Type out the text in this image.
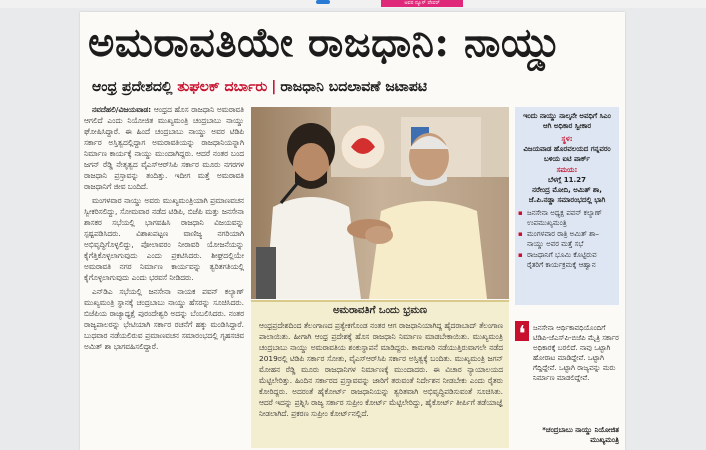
ಅವರ ನ್ಯೂಸ್ ‌ಪೇಪರ್
ಅಮರಾವತಿಯೇ ರಾಜಧಾನಿ: ನಾಯ್ಡು
ಆಂಧ್ರ ಪ್ರದೇಶದಲ್ಲಿ ತುಘಲಕ್ ದರ್ಬಾರು | ರಾಜಧಾನಿ ಬದಲಾವಣೆ ಜಟಾಪಟಿ

ನವದೆಹಲಿ/ವಿಜಯವಾಡ: ಆಂಧ್ರದ ಹೊಸ ರಾಜಧಾನಿ ಅಮರಾವತಿ ಆಗಲಿದೆ ಎಂದು ನಿಯೋಜಿತ ಮುಖ್ಯಮಂತ್ರಿ ಚಂದ್ರಬಾಬು ನಾಯ್ಡು ಘೋಷಿಸಿದ್ದಾರೆ. ಈ ಹಿಂದೆ ಚಂದ್ರಬಾಬು ನಾಯ್ಡು ಅವರ ಟಿಡಿಪಿ ಸರ್ಕಾರ ಅಸ್ತಿತ್ವದಲ್ಲಿದ್ದಾಗ ಅಮರಾವತಿಯನ್ನು ರಾಜಧಾನಿಯನ್ನಾಗಿ ನಿರ್ಮಾಣ ಕಾರ್ಯಕ್ಕೆ ನಾಯ್ಡು ಮುಂದಾಗಿದ್ದರು. ಆದರೆ ನಂತರ ಬಂದ ಜಗನ್ ರೆಡ್ಡಿ ನೇತೃತ್ವದ ವೈಎಸ್‌ಆರ್‌ಸಿಪಿ ಸರ್ಕಾರ ಮೂರು ನಗರಗಳ ರಾಜಧಾನಿ ಪ್ರಸ್ತಾವನ್ನು ತಂದಿತ್ತು. ಇದೀಗ ಮತ್ತೆ ಅಮರಾವತಿ ರಾಜಧಾನಿಗೆ ಜೀವ ಬಂದಿದೆ.

ಮಂಗಳವಾರ ನಾಯ್ಡು ಅವರು ಮುಖ್ಯಮಂತ್ರಿಯಾಗಿ ಪ್ರಮಾಣವಚನ ಸ್ವೀಕರಿಸಲಿದ್ದು, ಸೋಮವಾರ ನಡೆದ ಟಿಡಿಪಿ, ಬಿಜೆಪಿ ಮತ್ತು ಜನಸೇನಾ ಶಾಸಕರ ಸಭೆಯಲ್ಲಿ ಭಾಗವಹಿಸಿ ರಾಜಧಾನಿ ವಿಜಯವನ್ನು ಸ್ಪಷ್ಟಪಡಿಸಿದರು. ವಿಶಾಖಪಟ್ಟಣ ವಾಣಿಜ್ಯ ನಗರಿಯಾಗಿ ಅಭಿವೃದ್ಧಿಗೊಳ್ಳಲಿದ್ದು, ಪೋಲಾವರಂ ನೀರಾವರಿ ಯೋಜನೆಯನ್ನು ಕೈಗೆತ್ತಿಕೊಳ್ಳಲಾಗುವುದು ಎಂದು ಪ್ರಕಟಿಸಿದರು. ಶೀಘ್ರದಲ್ಲಿಯೇ ಅಮರಾವತಿ ನಗರ ನಿರ್ಮಾಣ ಕಾರ್ಯವನ್ನು ತ್ವರಿತಗತಿಯಲ್ಲಿ ಕೈಗೊಳ್ಳಲಾಗುವುದು ಎಂದು ಭರವಸೆ ನೀಡಿದರು.

ಎನ್‌ಡಿಎ ಸಭೆಯಲ್ಲಿ ಜನಸೇನಾ ನಾಯಕ ಪವನ್ ಕಲ್ಯಾಣ್ ಮುಖ್ಯಮಂತ್ರಿ ಸ್ಥಾನಕ್ಕೆ ಚಂದ್ರಬಾಬು ನಾಯ್ಡು ಹೆಸರನ್ನು ಸೂಚಿಸಿದರು. ಬಿಜೆಪಿಯ ರಾಜ್ಯಾಧ್ಯಕ್ಷೆ ಪುರಂದೇಶ್ವರಿ ಅದನ್ನು ಬೆಂಬಲಿಸಿದರು. ನಂತರ ರಾಜ್ಯಪಾಲರನ್ನು ಭೇಟಿಯಾಗಿ ಸರ್ಕಾರ ರಚನೆಗೆ ಹಕ್ಕು ಮಂಡಿಸಿದ್ದಾರೆ. ಬುಧವಾರ ನಡೆಯಲಿರುವ ಪ್ರಮಾಣವಚನ ಸಮಾರಂಭದಲ್ಲಿ ಗೃಹಸಚಿವ ಅಮಿತ್ ಶಾ ಭಾಗವಹಿಸಲಿದ್ದಾರೆ.

ಅಮರಾವತಿಗೆ ಒಂದು ಭ್ರಮಣ
ಆಂಧ್ರಪ್ರದೇಶದಿಂದ ತೆಲಂಗಾಣದ ಪ್ರತ್ಯೇಕಗೊಂಡ ನಂತರ ಆಗ ರಾಜಧಾನಿಯಾಗಿದ್ದ ಹೈದರಾಬಾದ್ ತೆಲಂಗಾಣ ಪಾಲಾಯಿತು. ಹೀಗಾಗಿ ಆಂಧ್ರ ಪ್ರದೇಶಕ್ಕೆ ಹೊಸ ರಾಜಧಾನಿ ನಿರ್ಮಾಣ ಮಾಡಬೇಕಾಯಿತು. ಮುಖ್ಯಮಂತ್ರಿ ಚಂದ್ರಬಾಬು ನಾಯ್ಡು ಅಮರಾವತಿಯ ಶಂಕುಸ್ಥಾಪನೆ ಮಾಡಿದ್ದರು. ಕಾಮಗಾರಿ ನಡೆಯುತ್ತಿರುವಾಗಲೇ ನಡೆದ 2019ರಲ್ಲಿ ಟಿಡಿಪಿ ಸರ್ಕಾರ ಸೋತು, ವೈಎಸ್‌ಆರ್‌ಸಿಪಿ ಸರ್ಕಾರ ಅಸ್ತಿತ್ವಕ್ಕೆ ಬಂದಿತು. ಮುಖ್ಯಮಂತ್ರಿ ಜಗನ್ ಮೋಹನ ರೆಡ್ಡಿ ಮೂರು ರಾಜಧಾನಿಗಳ ನಿರ್ಮಾಣಕ್ಕೆ ಮುಂದಾದರು. ಈ ವಿಚಾರ ನ್ಯಾಯಾಲಯದ ಮೆಟ್ಟಿಲೇರಿತ್ತು. ಹಿಂದಿನ ಸರ್ಕಾರದ ಪ್ರಸ್ತಾವವನ್ನು ಜಾರಿಗೆ ತರುವಂತೆ ನಿರ್ದೇಶನ ನೀಡಬೇಕು ಎಂದು ರೈತರು ಕೋರಿದ್ದರು. ಅದರಂತೆ ಹೈಕೋರ್ಟ್ ರಾಜಧಾನಿಯನ್ನು ತ್ವರಿತವಾಗಿ ಅಭಿವೃದ್ಧಿಪಡಿಸುವಂತೆ ಸೂಚಿಸಿತು. ಆದರೆ ಇದನ್ನು ಪ್ರಶ್ನಿಸಿ ರಾಜ್ಯ ಸರ್ಕಾರ ಸುಪ್ರೀಂ ಕೋರ್ಟ್ ಮೆಟ್ಟಿಲೇರಿದ್ದು, ಹೈಕೋರ್ಟ್ ತೀರ್ಪಿಗೆ ತಡೆಯಾಜ್ಞೆ ನೀಡಲಾಗಿದೆ. ಪ್ರಕರಣ ಸುಪ್ರೀಂ ಕೋರ್ಟ್‌ನಲ್ಲಿದೆ.
ಇಂದು ನಾಯ್ಡು ನಾಲ್ಕನೇ ಅವಧಿಗೆ ಸಿಎಂ ಆಗಿ ಅಧಿಕಾರ ಸ್ವೀಕಾರ
ಸ್ಥಳ:
ವಿಜಯವಾಡ ಹೊರವಲಯದ ಗನ್ನವರಂ ಬಳಿಯ ಐಟಿ ಪಾರ್ಕ್
ಸಮಯ:
ಬೆಳಗ್ಗೆ 11.27
ನರೇಂದ್ರ ಮೋದಿ, ಅಮಿತ್ ಶಾ, ಜೆ.ಪಿ.ನಡ್ಡಾ ಸಮಾರಂಭದಲ್ಲಿ ಭಾಗಿ
▪ ಜನಸೇನಾ ಅಧ್ಯಕ್ಷ ಪವನ್ ಕಲ್ಯಾಣ್ ಉಪಮುಖ್ಯಮಂತ್ರಿ
▪ ಮಂಗಳವಾರ ರಾತ್ರಿ ಅಮಿತ್ ಶಾ–ನಾಯ್ಡು ಅವರ ಮತ್ತೆ ಸಭೆ
▪ ರಾಜಧಾನಿಗೆ ಭೂಮಿ ಕೊಟ್ಟಿರುವ ರೈತರಿಗೆ ಕಾರ್ಯಕ್ರಮಕ್ಕೆ ಆಹ್ವಾನ
❛	ಜನಸೇನಾ ಆರ್ಥಿಕಾವಧಿಯೊಂದಿಗೆ ಟಿಡಿಪಿ-ಜೆಎಸ್‌ಪಿ-ಬಿಜೆಪಿ ಮೈತ್ರಿ ಸರ್ಕಾರ ಅಧಿಕಾರಕ್ಕೆ ಬರಲಿದೆ. ನಾವು ಒಟ್ಟಾಗಿ ಹೋರಾಟ ಮಾಡಿದ್ದೇವೆ. ಒಟ್ಟಾಗಿ ಗೆದ್ದಿದ್ದೇವೆ. ಒಟ್ಟಾಗಿ ರಾಜ್ಯವನ್ನು ಮರು ನಿರ್ಮಾಣ ಮಾಡಲಿದ್ದೇವೆ.
*ಚಂದ್ರಬಾಬು ನಾಯ್ಡು ನಿಯೋಜಿತ ಮುಖ್ಯಮಂತ್ರಿ
